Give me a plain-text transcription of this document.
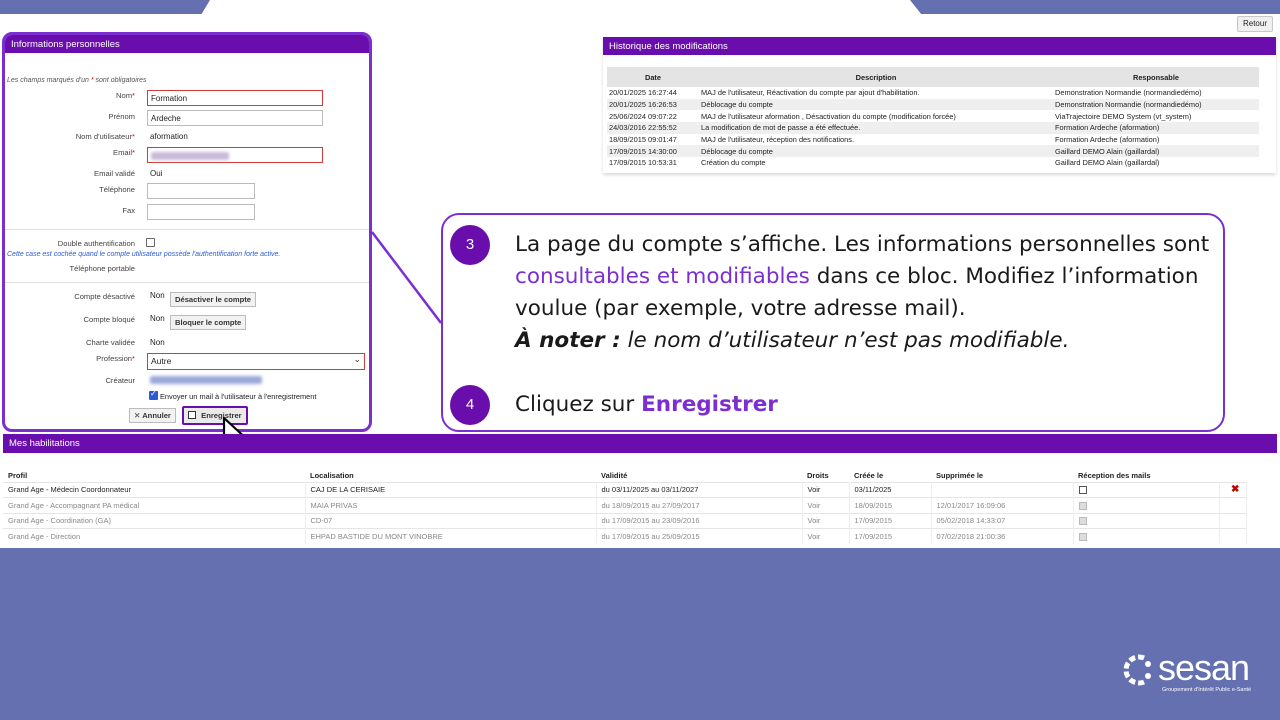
Retour
Historique des modifications
Date	Description	Responsable
20/01/2025 16:27:44	MAJ de l'utilisateur, Réactivation du compte par ajout d'habilitation.	Demonstration Normandie (normandiedémo)
20/01/2025 16:26:53	Déblocage du compte	Demonstration Normandie (normandiedémo)
25/06/2024 09:07:22	MAJ de l'utilisateur aformation , Désactivation du compte (modification forcée)	ViaTrajectoire DEMO System (vt_system)
24/03/2016 22:55:52	La modification de mot de passe a été effectuée.	Formation Ardeche (aformation)
18/09/2015 09:01:47	MAJ de l'utilisateur, réception des notifications.	Formation Ardeche (aformation)
17/09/2015 14:30:00	Déblocage du compte	Gaillard DEMO Alain (gaillardal)
17/09/2015 10:53:31	Création du compte	Gaillard DEMO Alain (gaillardal)
Informations personnelles
Les champs marqués d'un * sont obligatoires
Nom*	Formation
Prénom	Ardeche
Nom d'utilisateur* aformation
Email*
Email validé Oui
Téléphone
Fax
Double authentification
Cette case est cochée quand le compte utilisateur possède l'authentification forte active.
Téléphone portable
Compte désactivé Non	Désactiver le compte
Compte bloqué Non	Bloquer le compte
Charte validée Non
Profession*	Autre	⌄
Créateur
✓
Envoyer un mail à l'utilisateur à l'enregistrement
✕ Annuler	Enregistrer
Mes habilitations
Profil	Localisation	Validité	Droits	Créée le	Supprimée le	Réception des mails	
Grand Age - Médecin Coordonnateur	CAJ DE LA CERISAIE	du 03/11/2025 au 03/11/2027	Voir	03/11/2025			✖
Grand Age - Accompagnant PA médical	MAIA PRIVAS	du 18/09/2015 au 27/09/2017	Voir	18/09/2015	12/01/2017 16:09:06		
Grand Age - Coordination (GA)	CD-07	du 17/09/2015 au 23/09/2016	Voir	17/09/2015	05/02/2018 14:33:07		
Grand Age - Direction	EHPAD BASTIDE DU MONT VINOBRE	du 17/09/2015 au 25/09/2015	Voir	17/09/2015	07/02/2018 21:00:36		
3	La page du compte s’affiche. Les informations personnelles sont consultables et modifiables dans ce bloc. Modifiez l’information voulue (par exemple, votre adresse mail).
À noter : le nom d’utilisateur n’est pas modifiable.
4	Cliquez sur Enregistrer
sesan
Groupement d'Intérêt Public e-Santé
